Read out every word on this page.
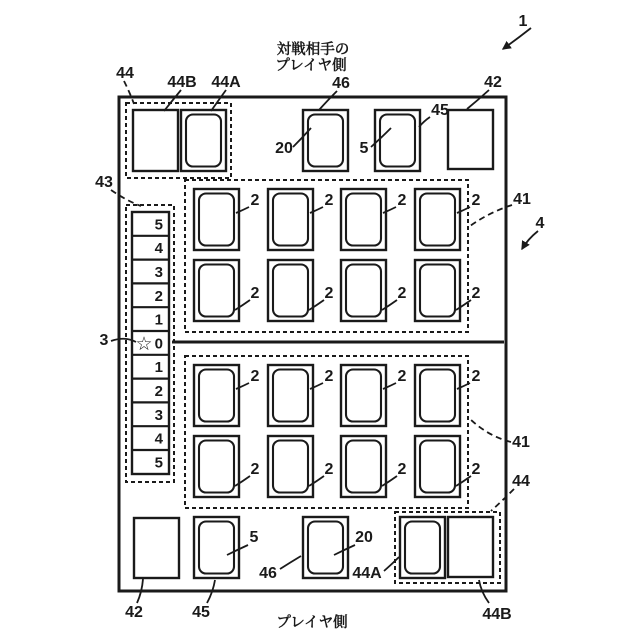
5
4
3
2
1
0
1
2
3
4
5
☆
対戦相手の
プレイヤ側
プレイヤ側
1
4
44
44B 44A	46
45
42
20	5
43
3
41
41
44
42	45
46
5	20
44A
44B
2	2	2	2
2	2	2	2
2	2	2	2
2	2	2	2
